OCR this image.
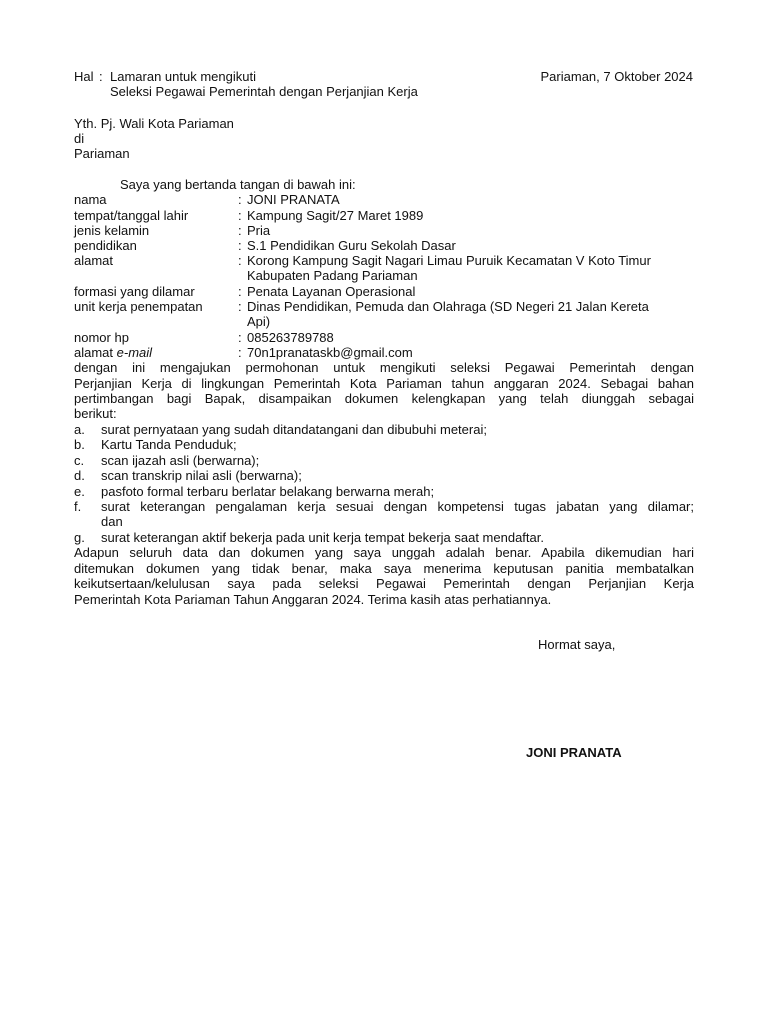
Hal : Lamaran untuk mengikuti
Seleksi Pegawai Pemerintah dengan Perjanjian Kerja
Pariaman, 7 Oktober 2024
Yth. Pj. Wali Kota Pariaman
di
Pariaman
Saya yang bertanda tangan di bawah ini:
nama	: JONI PRANATA
tempat/tanggal lahir	: Kampung Sagit/27 Maret 1989
jenis kelamin	: Pria
pendidikan	: S.1 Pendidikan Guru Sekolah Dasar
alamat	: Korong Kampung Sagit Nagari Limau Puruik Kecamatan V Koto Timur
Kabupaten Padang Pariaman
formasi yang dilamar	: Penata Layanan Operasional
unit kerja penempatan	: Dinas Pendidikan, Pemuda dan Olahraga (SD Negeri 21 Jalan Kereta
Api)
nomor hp	: 085263789788
alamat e-mail	: 70n1pranataskb@gmail.com
dengan ini mengajukan permohonan untuk mengikuti seleksi Pegawai Pemerintah dengan
Perjanjian Kerja di lingkungan Pemerintah Kota Pariaman tahun anggaran 2024. Sebagai bahan
pertimbangan bagi Bapak, disampaikan dokumen kelengkapan yang telah diunggah sebagai
berikut:
a. surat pernyataan yang sudah ditandatangani dan dibubuhi meterai;
b. Kartu Tanda Penduduk;
c. scan ijazah asli (berwarna);
d. scan transkrip nilai asli (berwarna);
e. pasfoto formal terbaru berlatar belakang berwarna merah;
f. surat keterangan pengalaman kerja sesuai dengan kompetensi tugas jabatan yang dilamar;
dan
g. surat keterangan aktif bekerja pada unit kerja tempat bekerja saat mendaftar.
Adapun seluruh data dan dokumen yang saya unggah adalah benar. Apabila dikemudian hari
ditemukan dokumen yang tidak benar, maka saya menerima keputusan panitia membatalkan
keikutsertaan/kelulusan saya pada seleksi Pegawai Pemerintah dengan Perjanjian Kerja
Pemerintah Kota Pariaman Tahun Anggaran 2024. Terima kasih atas perhatiannya.
Hormat saya,
JONI PRANATA
